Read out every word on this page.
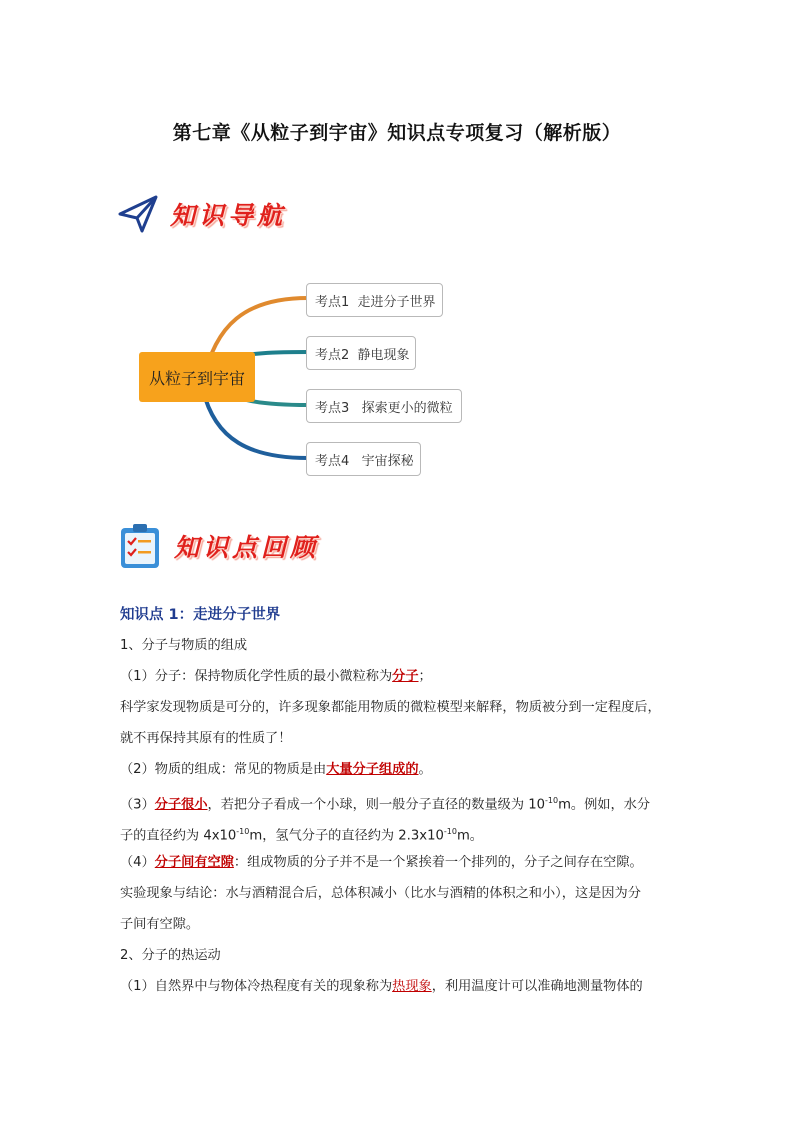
第七章《从粒子到宇宙》知识点专项复习（解析版）
知识导航
从粒子到宇宙
考点1  走进分子世界
考点2  静电现象
考点3   探索更小的微粒
考点4   宇宙探秘
知识点回顾
知识点 1：走进分子世界
1、分子与物质的组成
（1）分子：保持物质化学性质的最小微粒称为分子；
科学家发现物质是可分的，许多现象都能用物质的微粒模型来解释，物质被分到一定程度后，
就不再保持其原有的性质了！
（2）物质的组成：常见的物质是由大量分子组成的。
（3）分子很小，若把分子看成一个小球，则一般分子直径的数量级为 $10^{-10}m$。例如，水分
子的直径约为 $4x10^{-10}m$，氢气分子的直径约为 $2.3x10^{-10}m$。
（4）分子间有空隙：组成物质的分子并不是一个紧挨着一个排列的，分子之间存在空隙。
实验现象与结论：水与酒精混合后，总体积减小（比水与酒精的体积之和小），这是因为分
子间有空隙。
2、分子的热运动
（1）自然界中与物体冷热程度有关的现象称为热现象，利用温度计可以准确地测量物体的
